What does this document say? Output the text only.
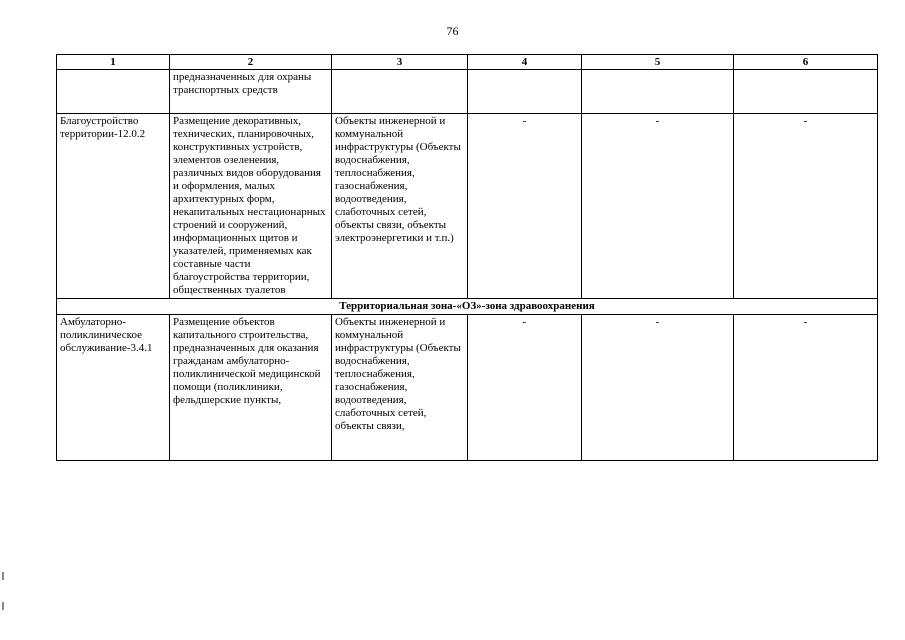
76
1	2	3	4	5	6
	предназначенных для охраны транспортных средств				
Благоустройство территории-12.0.2	Размещение декоративных, технических, планировочных, конструктивных устройств, элементов озеленения, различных видов оборудования и оформления, малых архитектурных форм, некапитальных нестационарных строений и сооружений, информационных щитов и указателей, применяемых как составные части благоустройства территории, общественных туалетов	Объекты инженерной и коммунальной инфраструктуры (Объекты водоснабжения, теплоснабжения, газоснабжения, водоотведения, слаботочных сетей, объекты связи, объекты электроэнергетики и т.п.)	-	-	-
Территориальная зона-«ОЗ»-зона здравоохранения					
Амбулаторно-поликлиническое обслуживание-3.4.1	Размещение объектов капитального строительства, предназначенных для оказания гражданам амбулаторно-поликлинической медицинской помощи (поликлиники, фельдшерские пункты,	Объекты инженерной и коммунальной инфраструктуры (Объекты водоснабжения, теплоснабжения, газоснабжения, водоотведения, слаботочных сетей, объекты связи,	-	-	-
